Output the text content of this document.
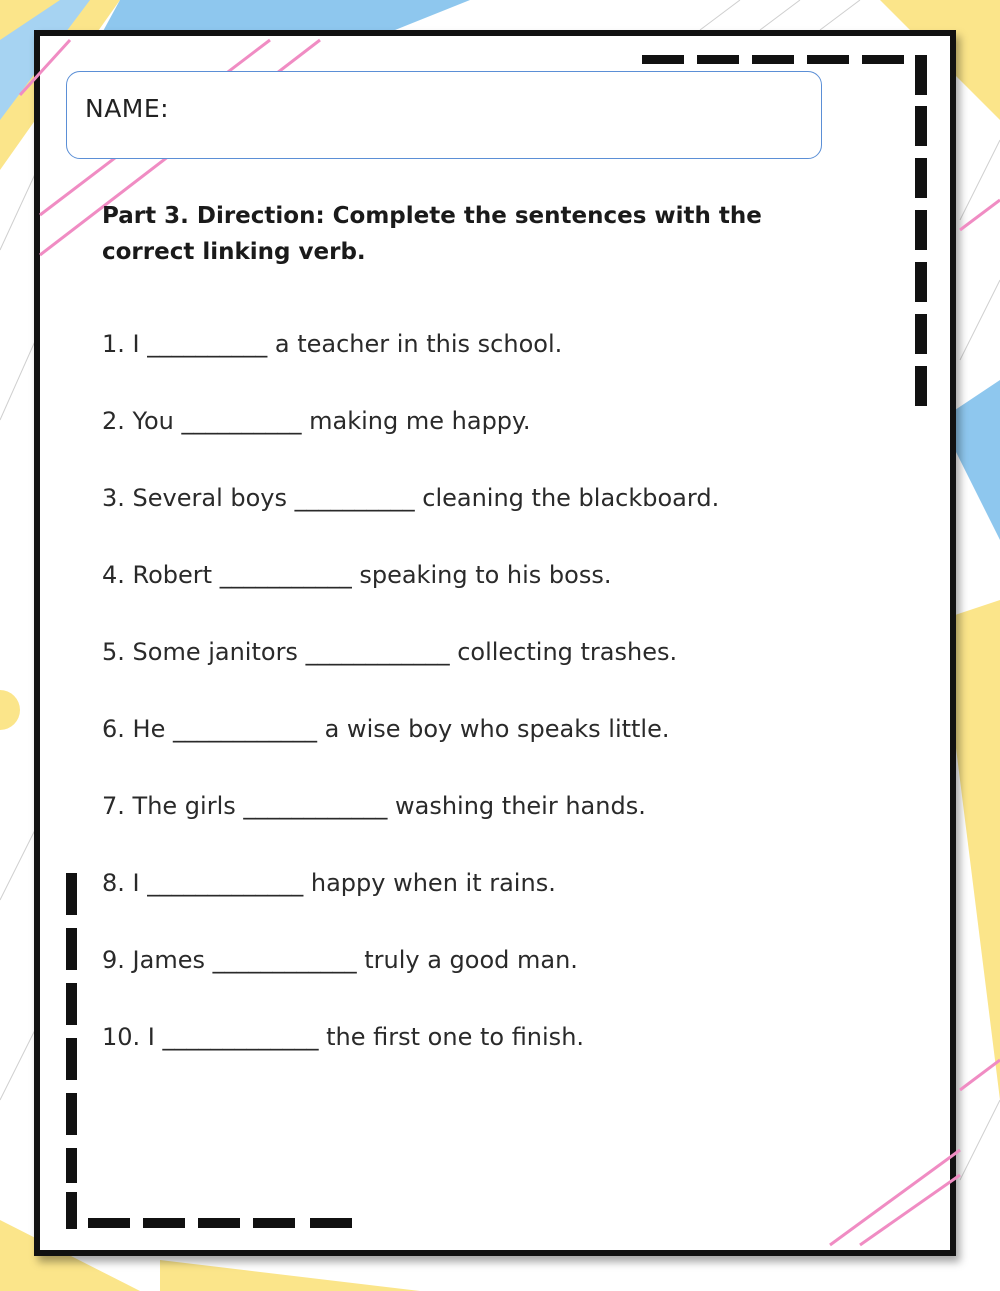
NAME:
Part 3. Direction: Complete the sentences with the correct linking verb.
1. I __________ a teacher in this school.
2. You __________ making me happy.
3. Several boys __________ cleaning the blackboard.
4. Robert ___________ speaking to his boss.
5. Some janitors ____________ collecting trashes.
6. He ____________ a wise boy who speaks little.
7. The girls ____________ washing their hands.
8. I _____________ happy when it rains.
9. James ____________ truly a good man.
10. I _____________ the first one to finish.
